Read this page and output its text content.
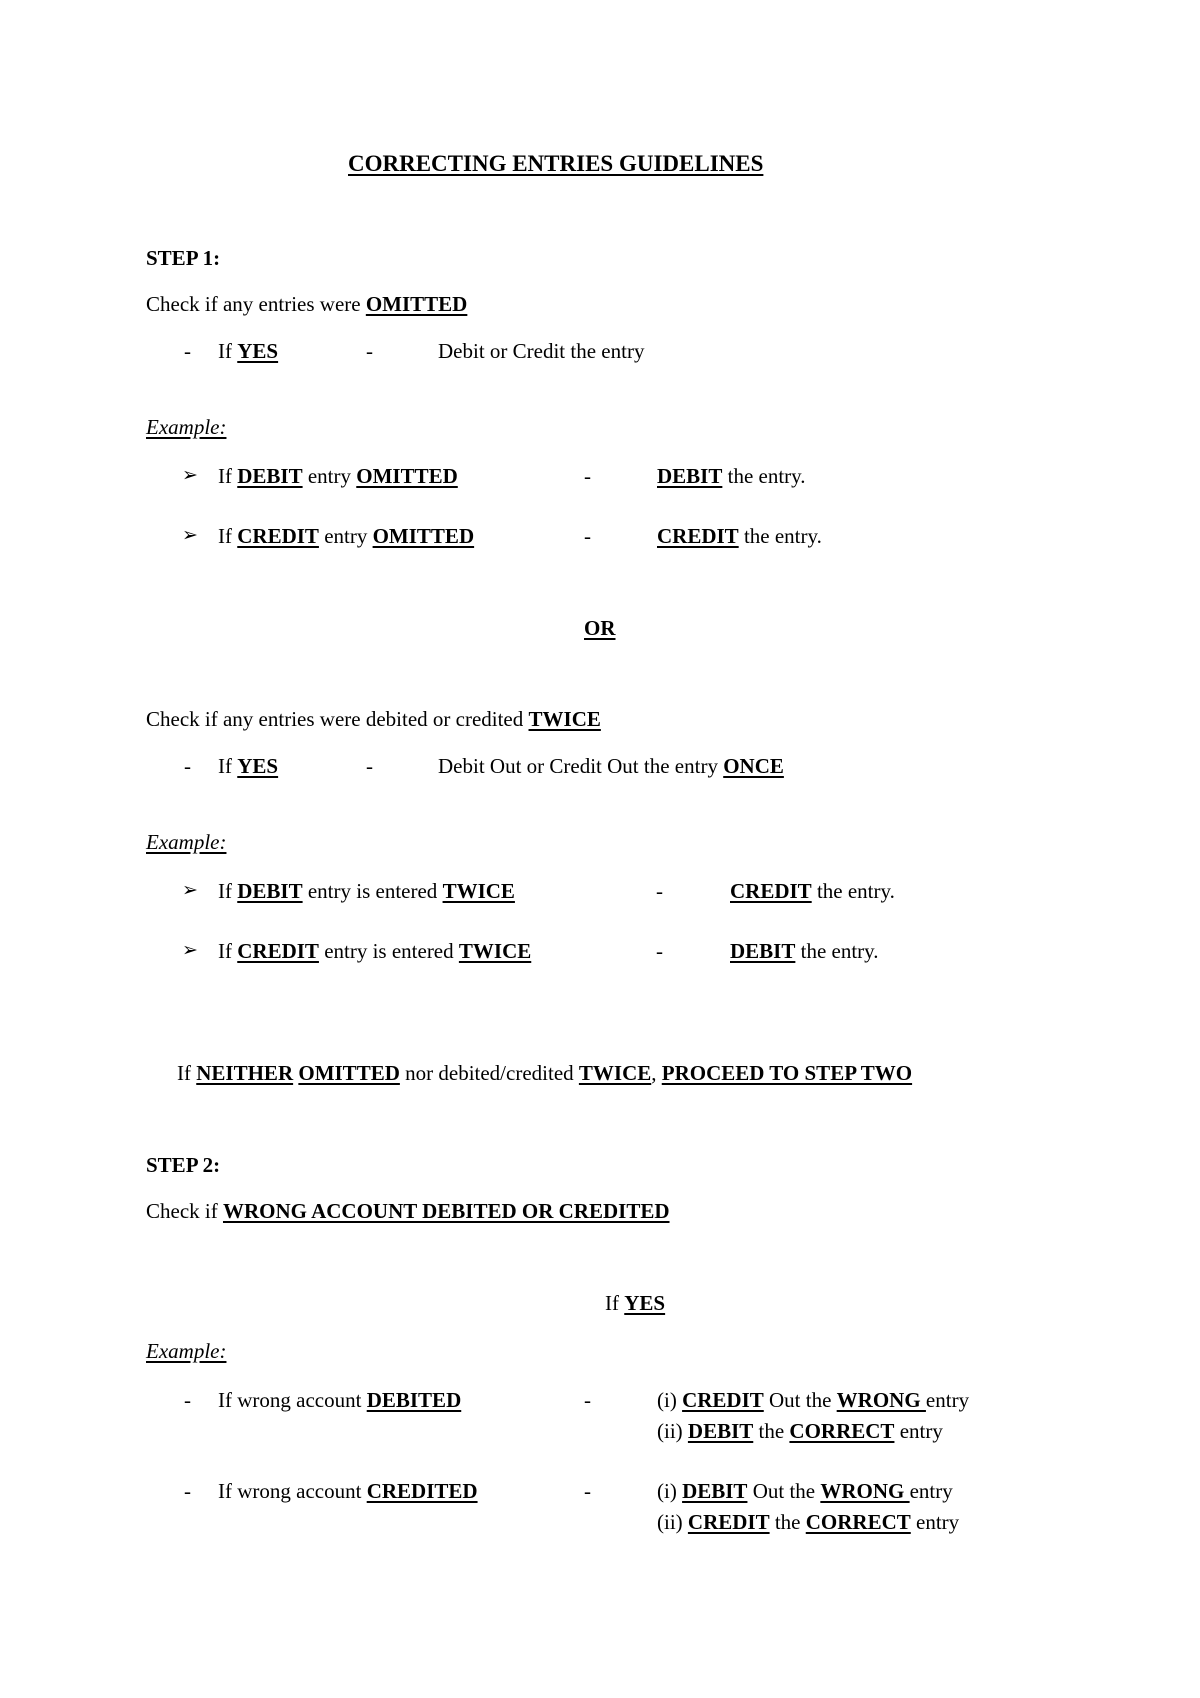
CORRECTING ENTRIES GUIDELINES
STEP 1:
Check if any entries were OMITTED
- If YES	-	Debit or Credit the entry
Example:
➢ If DEBIT entry OMITTED	-	DEBIT the entry.
➢ If CREDIT entry OMITTED	-	CREDIT the entry.
OR
Check if any entries were debited or credited TWICE
- If YES	-	Debit Out or Credit Out the entry ONCE
Example:
➢ If DEBIT entry is entered TWICE	-	CREDIT the entry.
➢ If CREDIT entry is entered TWICE	-	DEBIT the entry.
If NEITHER OMITTED nor debited/credited TWICE, PROCEED TO STEP TWO
STEP 2:
Check if WRONG ACCOUNT DEBITED OR CREDITED
If YES
Example:
- If wrong account DEBITED	-	(i) CREDIT Out the WRONG entry
(ii) DEBIT the CORRECT entry
- If wrong account CREDITED	-	(i) DEBIT Out the WRONG entry
(ii) CREDIT the CORRECT entry
